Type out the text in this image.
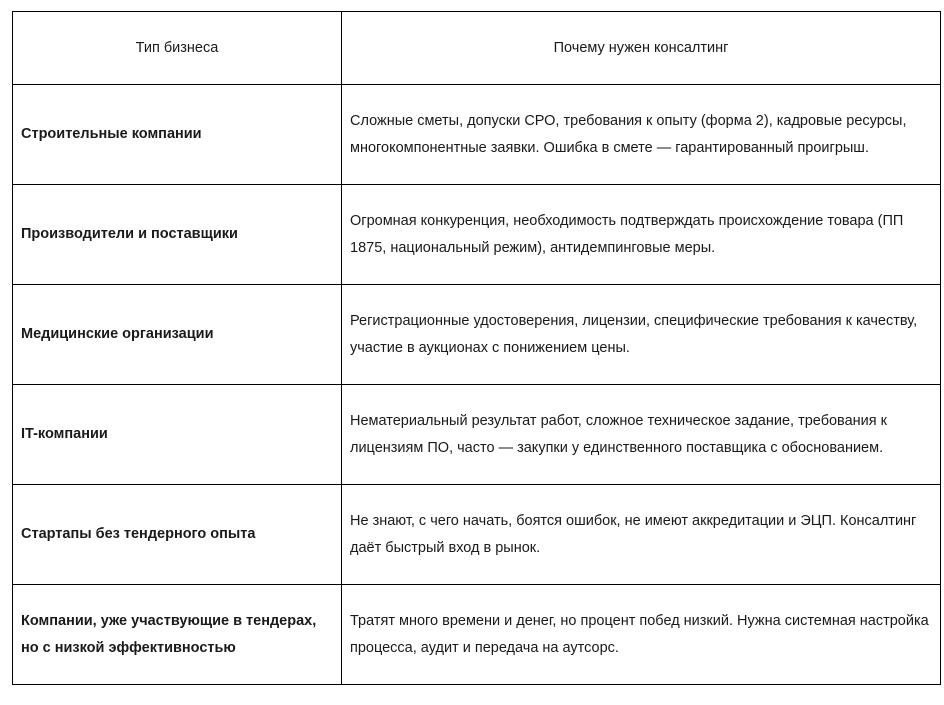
Тип бизнеса	Почему нужен консалтинг
Строительные компании	Сложные сметы, допуски СРО, требования к опыту (форма 2), кадровые ресурсы, многокомпонентные заявки. Ошибка в смете — гарантированный проигрыш.
Производители и поставщики	Огромная конкуренция, необходимость подтверждать происхождение товара (ПП 1875, национальный режим), антидемпинговые меры.
Медицинские организации	Регистрационные удостоверения, лицензии, специфические требования к качеству, участие в аукционах с понижением цены.
IT-компании	Нематериальный результат работ, сложное техническое задание, требования к лицензиям ПО, часто — закупки у единственного поставщика с обоснованием.
Стартапы без тендерного опыта	Не знают, с чего начать, боятся ошибок, не имеют аккредитации и ЭЦП. Консалтинг даёт быстрый вход в рынок.
Компании, уже участвующие в тендерах, но с низкой эффективностью	Тратят много времени и денег, но процент побед низкий. Нужна системная настройка процесса, аудит и передача на аутсорс.
